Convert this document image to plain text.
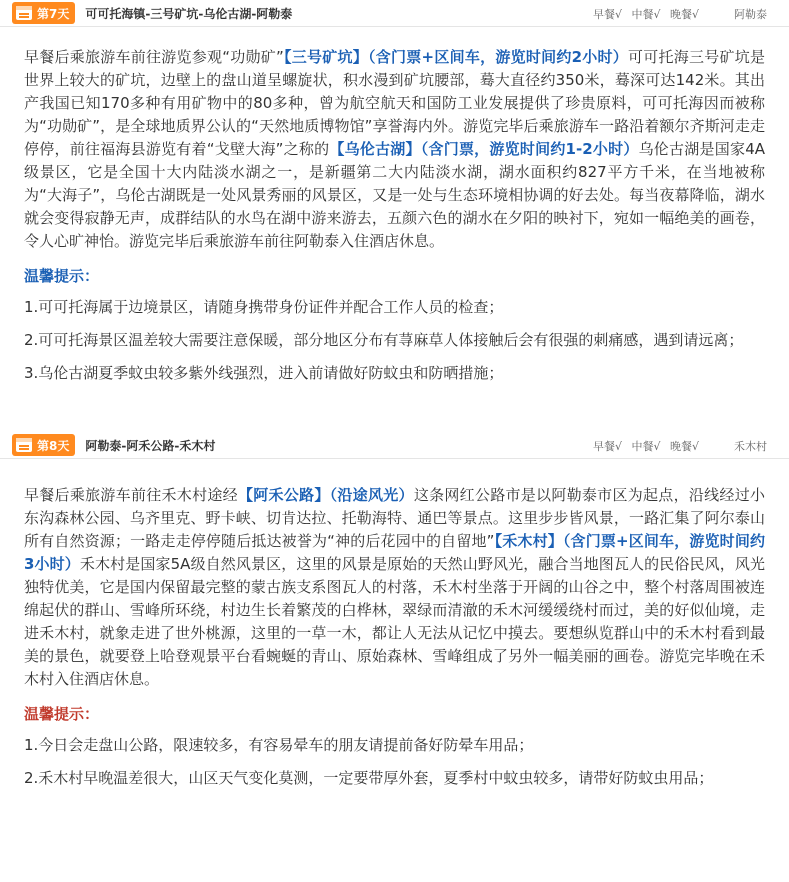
第7天 可可托海镇-三号矿坑-乌伦古湖-阿勒泰	早餐√ 中餐√ 晚餐√	阿勒泰

早餐后乘旅游车前往游览参观“功勋矿”【三号矿坑】（含门票+区间车，游览时间约2小时）可可托海三号矿坑是世界上较大的矿坑，边壁上的盘山道呈螺旋状，积水漫到矿坑腰部，蓦大直径约350米，蓦深可达142米。其出产我国已知170多种有用矿物中的80多种，曾为航空航天和国防工业发展提供了珍贵原料，可可托海因而被称为“功勋矿”，是全球地质界公认的“天然地质博物馆”享誉海内外。游览完毕后乘旅游车一路沿着额尔齐斯河走走停停，前往福海县游览有着“戈壁大海”之称的【乌伦古湖】（含门票，游览时间约1-2小时）乌伦古湖是国家4A级景区，它是全国十大内陆淡水湖之一，是新疆第二大内陆淡水湖，湖水面积约827平方千米，在当地被称为“大海子”，乌伦古湖既是一处风景秀丽的风景区，又是一处与生态环境相协调的好去处。每当夜幕降临，湖水就会变得寂静无声，成群结队的水鸟在湖中游来游去，五颜六色的湖水在夕阳的映衬下，宛如一幅绝美的画卷，令人心旷神怡。游览完毕后乘旅游车前往阿勒泰入住酒店休息。

温馨提示：

1.可可托海属于边境景区，请随身携带身份证件并配合工作人员的检查；

2.可可托海景区温差较大需要注意保暖，部分地区分布有荨麻草人体接触后会有很强的刺痛感，遇到请远离；

3.乌伦古湖夏季蚊虫较多紫外线强烈，进入前请做好防蚊虫和防晒措施；

第8天 阿勒泰-阿禾公路-禾木村	早餐√ 中餐√ 晚餐√	禾木村

早餐后乘旅游车前往禾木村途经【阿禾公路】（沿途风光）这条网红公路市是以阿勒泰市区为起点，沿线经过小东沟森林公园、乌齐里克、野卡峡、切肯达拉、托勒海特、通巴等景点。这里步步皆风景，一路汇集了阿尔泰山所有自然资源；一路走走停停随后抵达被誉为“神的后花园中的自留地”【禾木村】（含门票+区间车，游览时间约3小时）禾木村是国家5A级自然风景区，这里的风景是原始的天然山野风光，融合当地图瓦人的民俗民风，风光独特优美，它是国内保留最完整的蒙古族支系图瓦人的村落，禾木村坐落于开阔的山谷之中，整个村落周围被连绵起伏的群山、雪峰所环绕，村边生长着繁茂的白桦林，翠绿而清澈的禾木河缓缓绕村而过，美的好似仙境，走进禾木村，就象走进了世外桃源，这里的一草一木，都让人无法从记忆中摸去。要想纵览群山中的禾木村看到最美的景色，就要登上哈登观景平台看蜿蜒的青山、原始森林、雪峰组成了另外一幅美丽的画卷。游览完毕晚在禾木村入住酒店休息。

温馨提示：

1.今日会走盘山公路，限速较多，有容易晕车的朋友请提前备好防晕车用品；

2.禾木村早晚温差很大，山区天气变化莫测，一定要带厚外套，夏季村中蚊虫较多，请带好防蚊虫用品；
